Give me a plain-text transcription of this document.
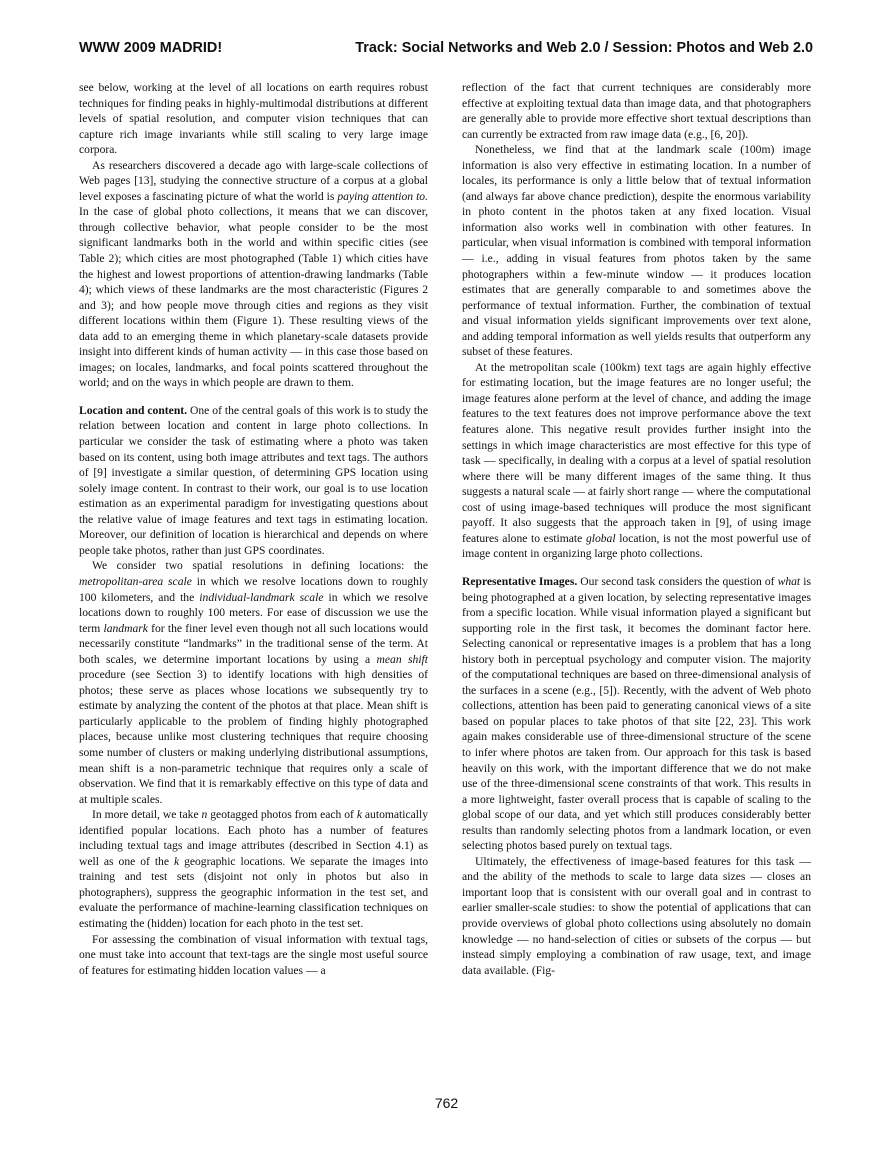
WWW 2009 MADRID!	Track: Social Networks and Web 2.0 / Session: Photos and Web 2.0

see below, working at the level of all locations on earth requires robust techniques for finding peaks in highly-multimodal distributions at different levels of spatial resolution, and computer vision techniques that can capture rich image invariants while still scaling to very large image corpora.

As researchers discovered a decade ago with large-scale collections of Web pages [13], studying the connective structure of a corpus at a global level exposes a fascinating picture of what the world is paying attention to. In the case of global photo collections, it means that we can discover, through collective behavior, what people consider to be the most significant landmarks both in the world and within specific cities (see Table 2); which cities are most photographed (Table 1) which cities have the highest and lowest proportions of attention-drawing landmarks (Table 4); which views of these landmarks are the most characteristic (Figures 2 and 3); and how people move through cities and regions as they visit different locations within them (Figure 1). These resulting views of the data add to an emerging theme in which planetary-scale datasets provide insight into different kinds of human activity — in this case those based on images; on locales, landmarks, and focal points scattered throughout the world; and on the ways in which people are drawn to them.

Location and content. One of the central goals of this work is to study the relation between location and content in large photo collections. In particular we consider the task of estimating where a photo was taken based on its content, using both image attributes and text tags. The authors of [9] investigate a similar question, of determining GPS location using solely image content. In contrast to their work, our goal is to use location estimation as an experimental paradigm for investigating questions about the relative value of image features and text tags in estimating location. Moreover, our definition of location is hierarchical and depends on where people take photos, rather than just GPS coordinates.

We consider two spatial resolutions in defining locations: the metropolitan-area scale in which we resolve locations down to roughly 100 kilometers, and the individual-landmark scale in which we resolve locations down to roughly 100 meters. For ease of discussion we use the term landmark for the finer level even though not all such locations would necessarily constitute “landmarks” in the traditional sense of the term. At both scales, we determine important locations by using a mean shift procedure (see Section 3) to identify locations with high densities of photos; these serve as places whose locations we subsequently try to estimate by analyzing the content of the photos at that place. Mean shift is particularly applicable to the problem of finding highly photographed places, because unlike most clustering techniques that require choosing some number of clusters or making underlying distributional assumptions, mean shift is a non-parametric technique that requires only a scale of observation. We find that it is remarkably effective on this type of data and at multiple scales.

In more detail, we take n geotagged photos from each of k automatically identified popular locations. Each photo has a number of features including textual tags and image attributes (described in Section 4.1) as well as one of the k geographic locations. We separate the images into training and test sets (disjoint not only in photos but also in photographers), suppress the geographic information in the test set, and evaluate the performance of machine-learning classification techniques on estimating the (hidden) location for each photo in the test set.

For assessing the combination of visual information with textual tags, one must take into account that text-tags are the single most useful source of features for estimating hidden location values — a

reflection of the fact that current techniques are considerably more effective at exploiting textual data than image data, and that photographers are generally able to provide more effective short textual descriptions than can currently be extracted from raw image data (e.g., [6, 20]).

Nonetheless, we find that at the landmark scale (100m) image information is also very effective in estimating location. In a number of locales, its performance is only a little below that of textual information (and always far above chance prediction), despite the enormous variability in photo content in the photos taken at any fixed location. Visual information also works well in combination with other features. In particular, when visual information is combined with temporal information — i.e., adding in visual features from photos taken by the same photographers within a few-minute window — it produces location estimates that are generally comparable to and sometimes above the performance of textual information. Further, the combination of textual and visual information yields significant improvements over text alone, and adding temporal information as well yields results that outperform any subset of these features.

At the metropolitan scale (100km) text tags are again highly effective for estimating location, but the image features are no longer useful; the image features alone perform at the level of chance, and adding the image features to the text features does not improve performance above the text features alone. This negative result provides further insight into the settings in which image characteristics are most effective for this type of task — specifically, in dealing with a corpus at a level of spatial resolution where there will be many different images of the same thing. It thus suggests a natural scale — at fairly short range — where the computational cost of using image-based techniques will produce the most significant payoff. It also suggests that the approach taken in [9], of using image features alone to estimate global location, is not the most powerful use of image content in organizing large photo collections.

Representative Images. Our second task considers the question of what is being photographed at a given location, by selecting representative images from a specific location. While visual information played a significant but supporting role in the first task, it becomes the dominant factor here. Selecting canonical or representative images is a problem that has a long history both in perceptual psychology and computer vision. The majority of the computational techniques are based on three-dimensional analysis of the surfaces in a scene (e.g., [5]). Recently, with the advent of Web photo collections, attention has been paid to generating canonical views of a site based on popular places to take photos of that site [22, 23]. This work again makes considerable use of three-dimensional structure of the scene to infer where photos are taken from. Our approach for this task is based heavily on this work, with the important difference that we do not make use of the three-dimensional scene constraints of that work. This results in a more lightweight, faster overall process that is capable of scaling to the global scope of our data, and yet which still produces considerably better results than randomly selecting photos from a landmark location, or even selecting photos based purely on textual tags.

Ultimately, the effectiveness of image-based features for this task — and the ability of the methods to scale to large data sizes — closes an important loop that is consistent with our overall goal and in contrast to earlier smaller-scale studies: to show the potential of applications that can provide overviews of global photo collections using absolutely no domain knowledge — no hand-selection of cities or subsets of the corpus — but instead simply employing a combination of raw usage, text, and image data available. (Fig-

762
